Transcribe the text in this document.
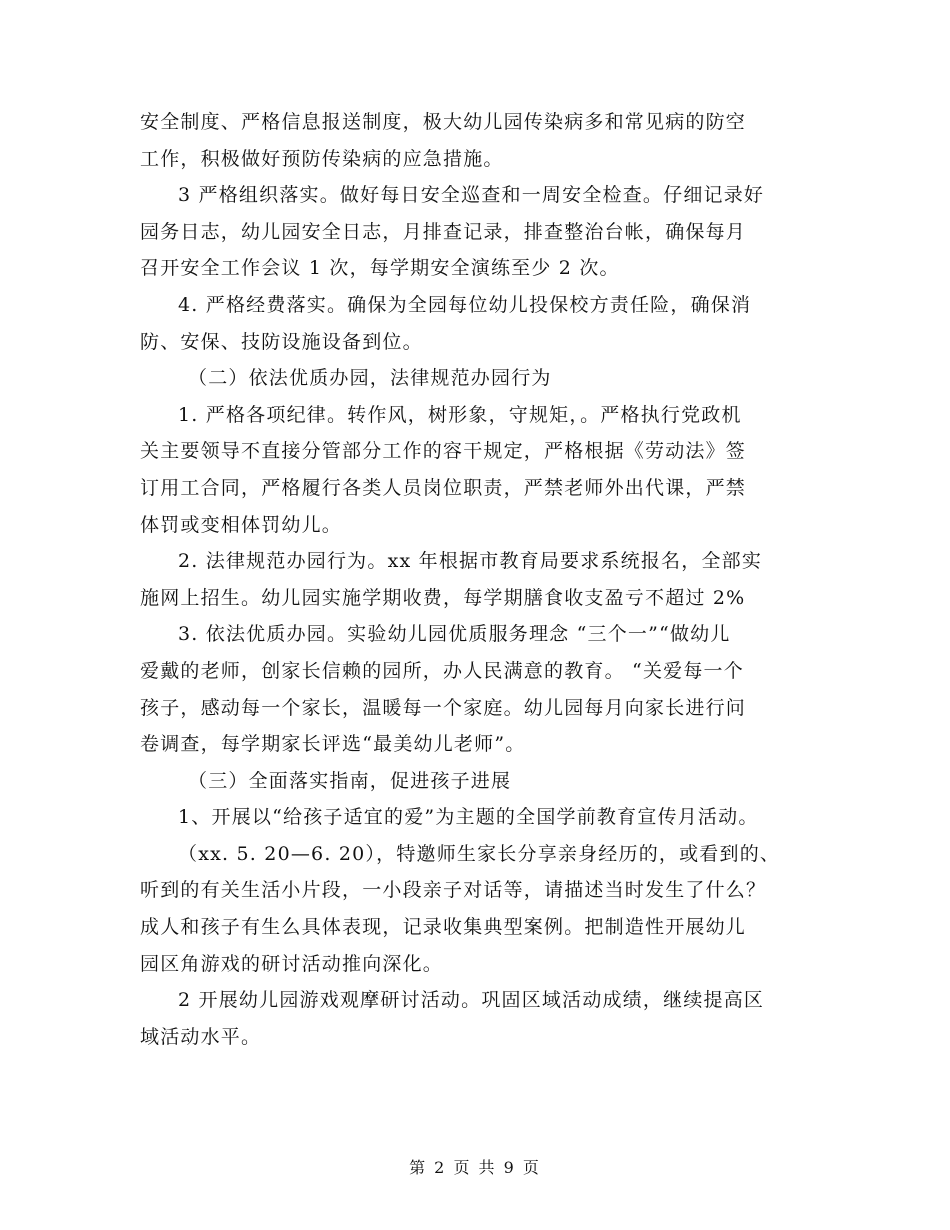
安全制度、严格信息报送制度，极大幼儿园传染病多和常见病的防空
工作，积极做好预防传染病的应急措施。
3 严格组织落实。做好每日安全巡查和一周安全检查。仔细记录好
园务日志，幼儿园安全日志，月排查记录，排查整治台帐，确保每月
召开安全工作会议 1 次，每学期安全演练至少 2 次。
4. 严格经费落实。确保为全园每位幼儿投保校方责任险，确保消
防、安保、技防设施设备到位。
（二）依法优质办园，法律规范办园行为
1. 严格各项纪律。转作风，树形象，守规矩，。严格执行党政机
关主要领导不直接分管部分工作的容干规定，严格根据《劳动法》签
订用工合同，严格履行各类人员岗位职责，严禁老师外出代课，严禁
体罚或变相体罚幼儿。
2. 法律规范办园行为。xx 年根据市教育局要求系统报名，全部实
施网上招生。幼儿园实施学期收费，每学期膳食收支盈亏不超过 2%
3. 依法优质办园。实验幼儿园优质服务理念 “三个一”“做幼儿
爱戴的老师，创家长信赖的园所，办人民满意的教育。 “关爱每一个
孩子，感动每一个家长，温暖每一个家庭。幼儿园每月向家长进行问
卷调查，每学期家长评选“最美幼儿老师”。
（三）全面落实指南，促进孩子进展
1、开展以“给孩子适宜的爱”为主题的全国学前教育宣传月活动。
（xx. 5. 20—6. 20），特邀师生家长分享亲身经历的，或看到的、
听到的有关生活小片段，一小段亲子对话等，请描述当时发生了什么？
成人和孩子有生么具体表现，记录收集典型案例。把制造性开展幼儿
园区角游戏的研讨活动推向深化。
2 开展幼儿园游戏观摩研讨活动。巩固区域活动成绩，继续提高区
域活动水平。
第 2 页 共 9 页
